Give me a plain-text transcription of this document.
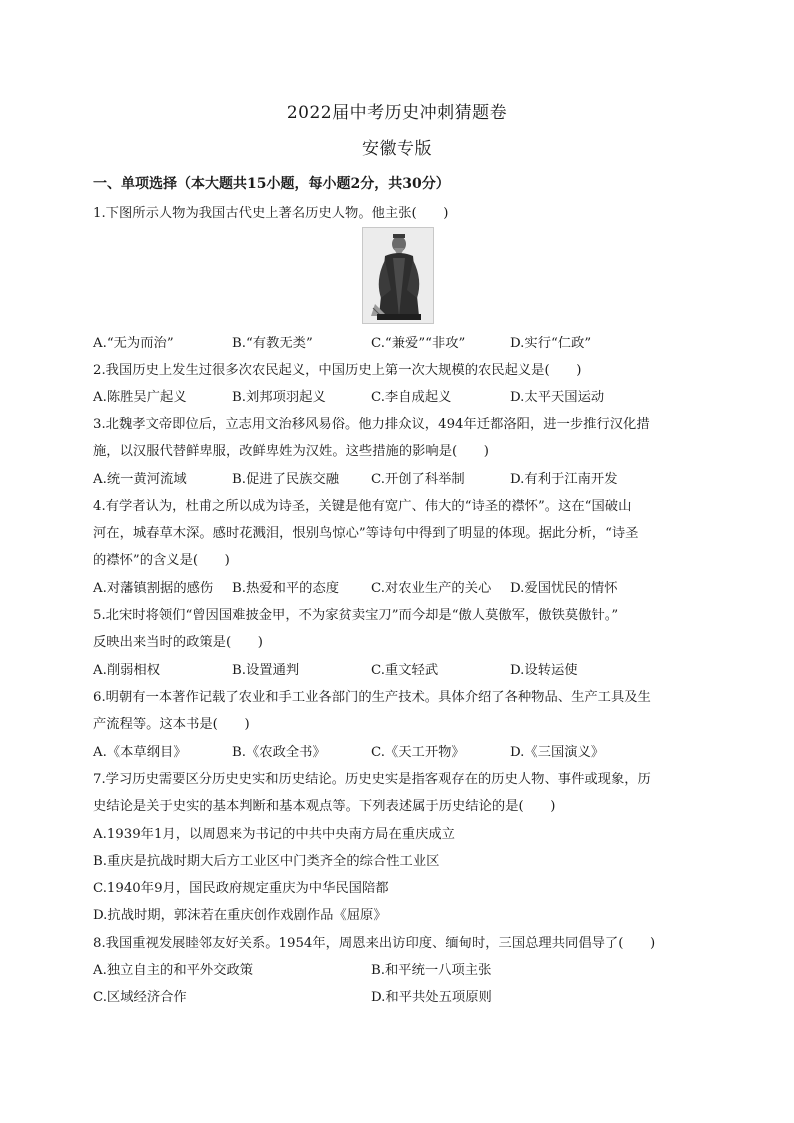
2022届中考历史冲刺猜题卷
安徽专版
一、单项选择（本大题共15小题，每小题2分，共30分）
1.下图所示人物为我国古代史上著名历史人物。他主张(　　)
A.“无为而治”	B.“有教无类”	C.“兼爱”“非攻”	D.实行“仁政”
2.我国历史上发生过很多次农民起义，中国历史上第一次大规模的农民起义是(　　)
A.陈胜吴广起义	B.刘邦项羽起义	C.李自成起义	D.太平天国运动
3.北魏孝文帝即位后，立志用文治移风易俗。他力排众议，494年迁都洛阳，进一步推行汉化措
施，以汉服代替鲜卑服，改鲜卑姓为汉姓。这些措施的影响是(　　)
A.统一黄河流域	B.促进了民族交融 C.开创了科举制	D.有利于江南开发
4.有学者认为，杜甫之所以成为诗圣，关键是他有宽广、伟大的“诗圣的襟怀”。这在“国破山
河在，城春草木深。感时花溅泪，恨别鸟惊心”等诗句中得到了明显的体现。据此分析，“诗圣
的襟怀”的含义是(　　)
A.对藩镇割据的感伤 B.热爱和平的态度 C.对农业生产的关心 D.爱国忧民的情怀
5.北宋时将领们“曾因国难披金甲，不为家贫卖宝刀”而今却是“傲人莫傲军，傲铁莫傲针。”
反映出来当时的政策是(　　)
A.削弱相权	B.设置通判	C.重文轻武	D.设转运使
6.明朝有一本著作记载了农业和手工业各部门的生产技术。具体介绍了各种物品、生产工具及生
产流程等。这本书是(　　)
A.《本草纲目》	B.《农政全书》	C.《天工开物》	D.《三国演义》
7.学习历史需要区分历史史实和历史结论。历史史实是指客观存在的历史人物、事件或现象，历
史结论是关于史实的基本判断和基本观点等。下列表述属于历史结论的是(　　)
A.1939年1月，以周恩来为书记的中共中央南方局在重庆成立
B.重庆是抗战时期大后方工业区中门类齐全的综合性工业区
C.1940年9月，国民政府规定重庆为中华民国陪都
D.抗战时期，郭沫若在重庆创作戏剧作品《屈原》
8.我国重视发展睦邻友好关系。1954年，周恩来出访印度、缅甸时，三国总理共同倡导了(　　)
A.独立自主的和平外交政策	B.和平统一八项主张
C.区域经济合作	D.和平共处五项原则
